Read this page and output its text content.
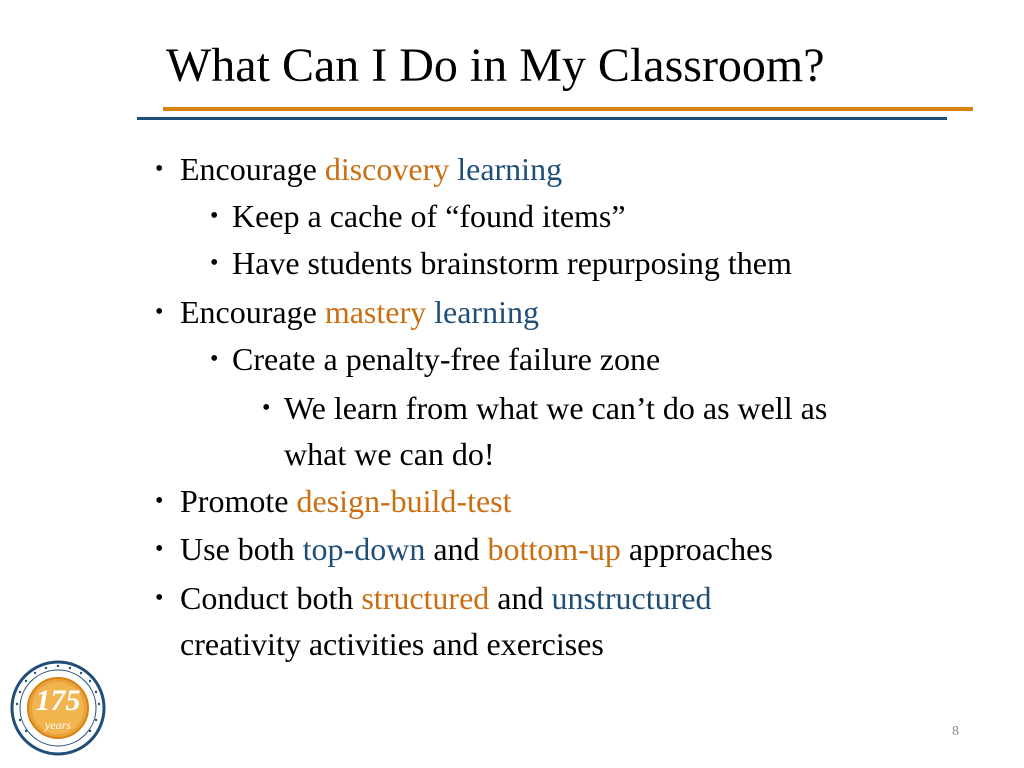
What Can I Do in My Classroom?
• Encourage discovery learning
• Keep a cache of “found items”
• Have students brainstorm repurposing them
• Encourage mastery learning
• Create a penalty-free failure zone
• We learn from what we can’t do as well as
what we can do!
• Promote design-build-test
• Use both top-down and bottom-up approaches
• Conduct both structured and unstructured
creativity activities and exercises
175
years	8
